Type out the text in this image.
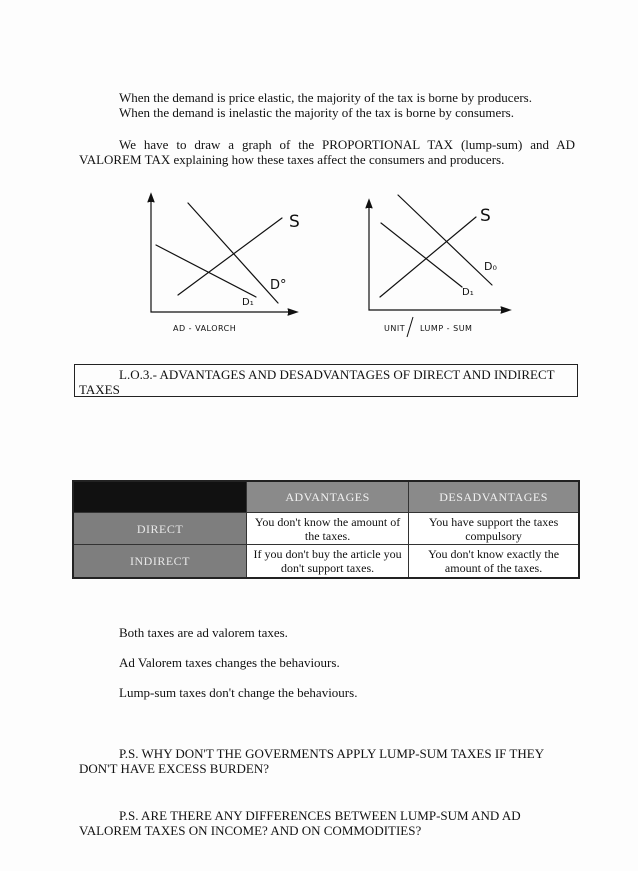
When the demand is price elastic, the majority of the tax is borne by producers.
When the demand is inelastic the majority of the tax is borne by consumers.
We have to draw a graph of the PROPORTIONAL TAX (lump-sum) and AD VALOREM TAX explaining how these taxes affect the consumers and producers.
S
D°
D₁
AD - VALORCH
S
D₀
D₁
UNIT LUMP - SUM
L.O.3.- ADVANTAGES AND DESADVANTAGES OF DIRECT AND INDIRECT
TAXES
	ADVANTAGES	DESADVANTAGES
DIRECT	You don't know the amount of the taxes.	You have support the taxes compulsory
INDIRECT	If you don't buy the article you don't support taxes.	You don't know exactly the amount of the taxes.
Both taxes are ad valorem taxes.
Ad Valorem taxes changes the behaviours.
Lump-sum taxes don't change the behaviours.
P.S. WHY DON'T THE GOVERMENTS APPLY LUMP-SUM TAXES IF THEY DON'T HAVE EXCESS BURDEN?
P.S. ARE THERE ANY DIFFERENCES BETWEEN LUMP-SUM AND AD VALOREM TAXES ON INCOME? AND ON COMMODITIES?
